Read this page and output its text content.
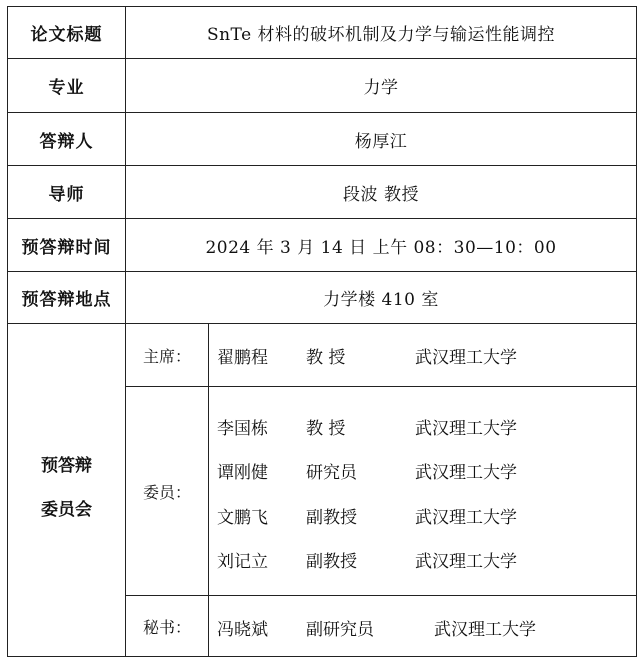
论文标题	SnTe 材料的破坏机制及力学与输运性能调控
专业	力学
答辩人	杨厚江
导师	段波 教授
预答辩时间	2024 年 3 月 14 日 上午 08：30—10：00
预答辩地点	力学楼 410 室
预答辩
委员会
主席：	翟鹏程	教 授	武汉理工大学
委员：
李国栋	教 授	武汉理工大学
谭刚健	研究员	武汉理工大学
文鹏飞	副教授	武汉理工大学
刘记立	副教授	武汉理工大学
秘书：	冯晓斌	副研究员	武汉理工大学
